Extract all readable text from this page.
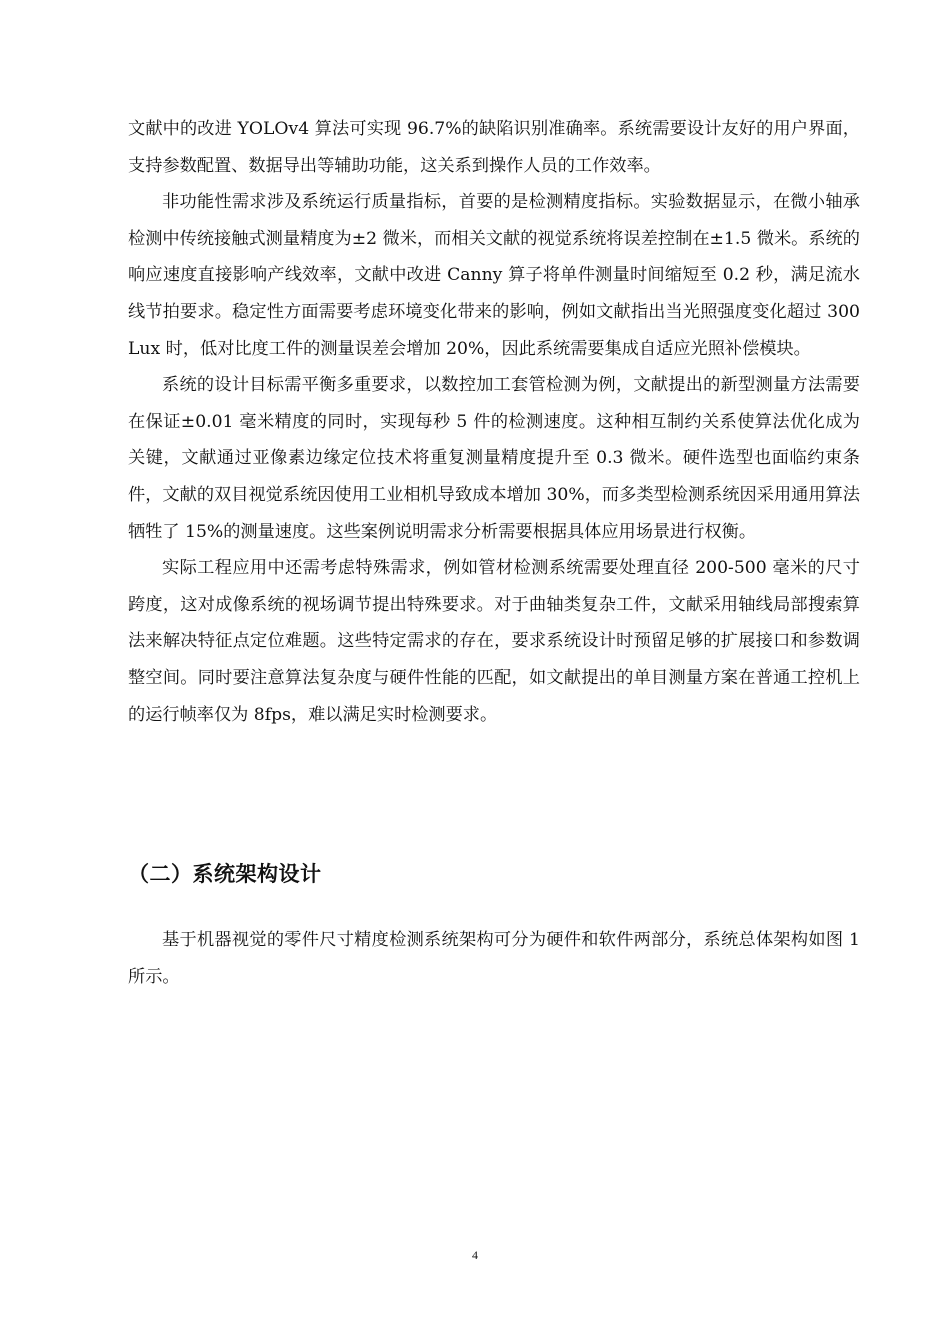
文献中的改进 YOLOv4 算法可实现 96.7%的缺陷识别准确率。系统需要设计友好的用户界面，支持参数配置、数据导出等辅助功能，这关系到操作人员的工作效率。

非功能性需求涉及系统运行质量指标，首要的是检测精度指标。实验数据显示，在微小轴承检测中传统接触式测量精度为±2 微米，而相关文献的视觉系统将误差控制在±1.5 微米。系统的响应速度直接影响产线效率，文献中改进 Canny 算子将单件测量时间缩短至 0.2 秒，满足流水线节拍要求。稳定性方面需要考虑环境变化带来的影响，例如文献指出当光照强度变化超过 300Lux 时，低对比度工件的测量误差会增加 20%，因此系统需要集成自适应光照补偿模块。

系统的设计目标需平衡多重要求，以数控加工套管检测为例，文献提出的新型测量方法需要在保证±0.01 毫米精度的同时，实现每秒 5 件的检测速度。这种相互制约关系使算法优化成为关键，文献通过亚像素边缘定位技术将重复测量精度提升至 0.3 微米。硬件选型也面临约束条件，文献的双目视觉系统因使用工业相机导致成本增加 30%，而多类型检测系统因采用通用算法牺牲了 15%的测量速度。这些案例说明需求分析需要根据具体应用场景进行权衡。

实际工程应用中还需考虑特殊需求，例如管材检测系统需要处理直径 200-500 毫米的尺寸跨度，这对成像系统的视场调节提出特殊要求。对于曲轴类复杂工件，文献采用轴线局部搜索算法来解决特征点定位难题。这些特定需求的存在，要求系统设计时预留足够的扩展接口和参数调整空间。同时要注意算法复杂度与硬件性能的匹配，如文献提出的单目测量方案在普通工控机上的运行帧率仅为 8fps，难以满足实时检测要求。

（二）系统架构设计

基于机器视觉的零件尺寸精度检测系统架构可分为硬件和软件两部分，系统总体架构如图 1 所示。

4
